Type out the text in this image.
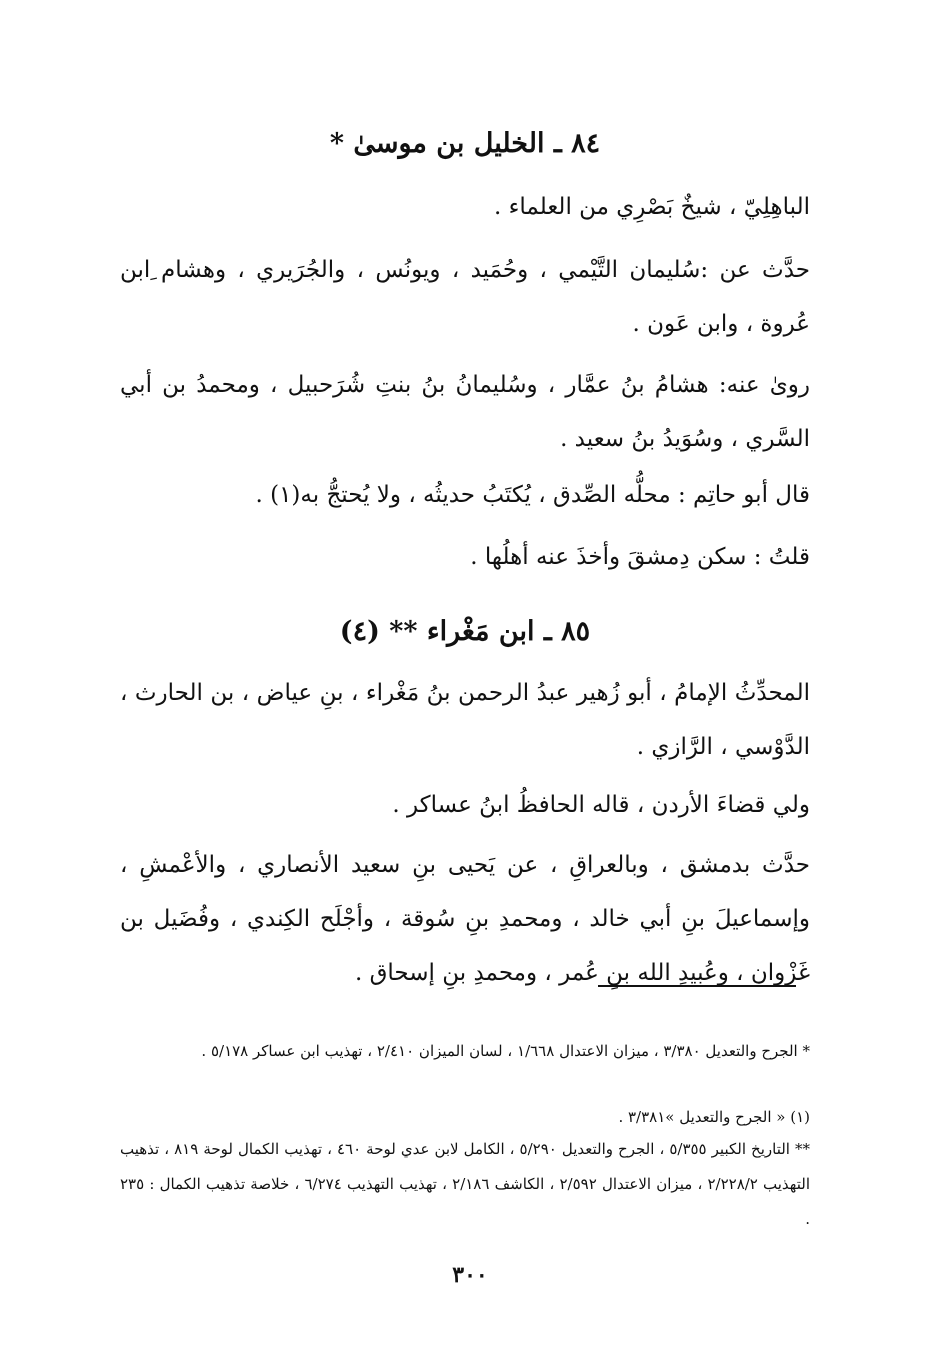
٨٤ ـ الخليل بن موسىٰ *
الباهِلِيّ ، شيخٌ بَصْرِي من العلماء .
حدَّث عن :سُليمان التَّيْمي ، وحُمَيد ، ويونُس ، والجُرَيري ، وهشام ِابن عُروة ، وابن عَون .
روىٰ عنه: هشامُ بنُ عمَّار ، وسُليمانُ بنُ بنتِ شُرَحبيل ، ومحمدُ بن أبي السَّري ، وسُوَيدُ بنُ سعيد .
قال أبو حاتِم : محلُّه الصِّدق ، يُكتَبُ حديثُه ، ولا يُحتجُّ به(١) .
قلتُ : سكن دِمشقَ وأخذَ عنه أهلُها .
٨٥ ـ ابن مَغْراء ** (٤)
المحدِّثُ الإمامُ ، أبو زُهير عبدُ الرحمن بنُ مَغْراء ، بنِ عياض ، بن الحارث ، الدَّوْسي ، الرَّازي .
ولي قضاءَ الأردن ، قاله الحافظُ ابنُ عساكر .
حدَّث بدمشق ، وبالعراقِ ، عن يَحيى بنِ سعيد الأنصاري ، والأعْمشِ ، وإسماعيلَ بنِ أبي خالد ، ومحمدِ بنِ سُوقة ، وأجْلَح الكِندي ، وفُضَيل بن غَزْوان ، وعُبيدِ الله بنِ عُمر ، ومحمدِ بنِ إسحاق .
* الجرح والتعديل ٣/٣٨٠ ، ميزان الاعتدال ١/٦٦٨ ، لسان الميزان ٢/٤١٠ ، تهذيب ابن عساكر ٥/١٧٨ .
(١) « الجرح والتعديل »٣/٣٨١ .
** التاريخ الكبير ٥/٣٥٥ ، الجرح والتعديل ٥/٢٩٠ ، الكامل لابن عدي لوحة ٤٦٠ ، تهذيب الكمال لوحة ٨١٩ ، تذهيب التهذيب ٢/٢٢٨/٢ ، ميزان الاعتدال ٢/٥٩٢ ، الكاشف ٢/١٨٦ ، تهذيب التهذيب ٦/٢٧٤ ، خلاصة تذهيب الكمال : ٢٣٥ .
٣٠٠
